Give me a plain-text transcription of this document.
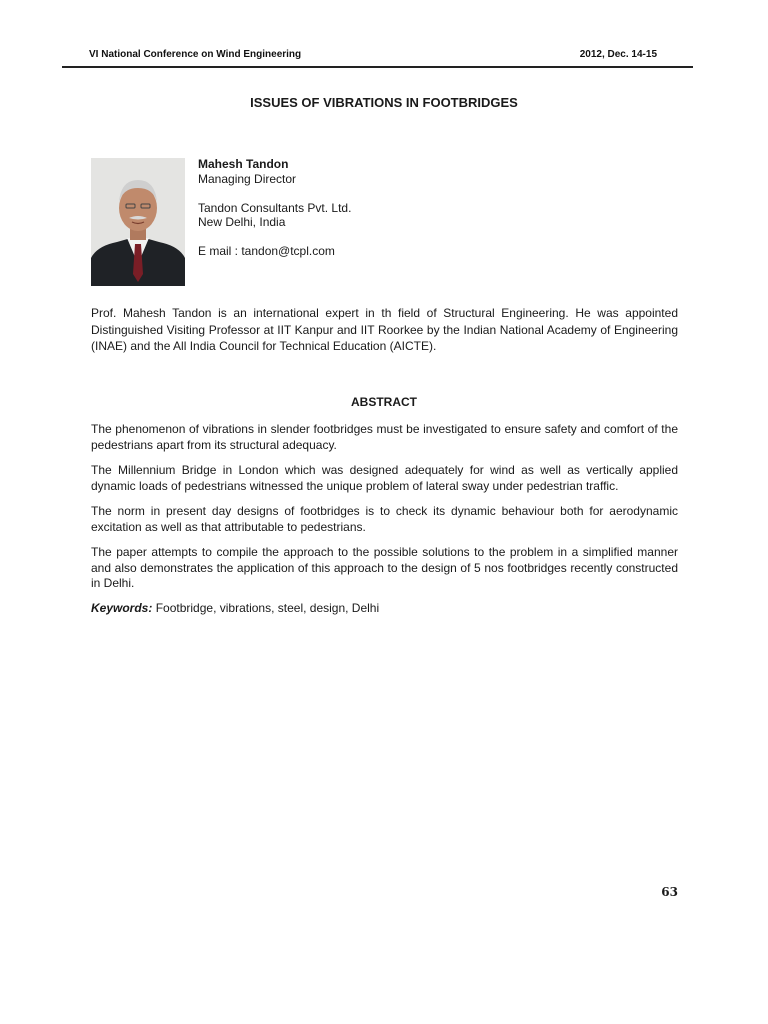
VI National Conference on Wind Engineering	2012, Dec. 14-15
ISSUES OF VIBRATIONS IN FOOTBRIDGES
Mahesh Tandon
Managing Director
Tandon Consultants Pvt. Ltd.
New Delhi, India
E mail : tandon@tcpl.com

Prof. Mahesh Tandon is an international expert in th field of Structural Engineering. He was appointed Distinguished Visiting Professor at IIT Kanpur and IIT Roorkee by the Indian National Academy of Engineering (INAE) and the All India Council for Technical Education (AICTE).

ABSTRACT

The phenomenon of vibrations in slender footbridges must be investigated to ensure safety and comfort of the pedestrians apart from its structural adequacy.

The Millennium Bridge in London which was designed adequately for wind as well as vertically applied dynamic loads of pedestrians witnessed the unique problem of lateral sway under pedestrian traffic.

The norm in present day designs of footbridges is to check its dynamic behaviour both for aerodynamic excitation as well as that attributable to pedestrians.

The paper attempts to compile the approach to the possible solutions to the problem in a simplified manner and also demonstrates the application of this approach to the design of 5 nos footbridges recently constructed in Delhi.

Keywords: Footbridge, vibrations, steel, design, Delhi

63
